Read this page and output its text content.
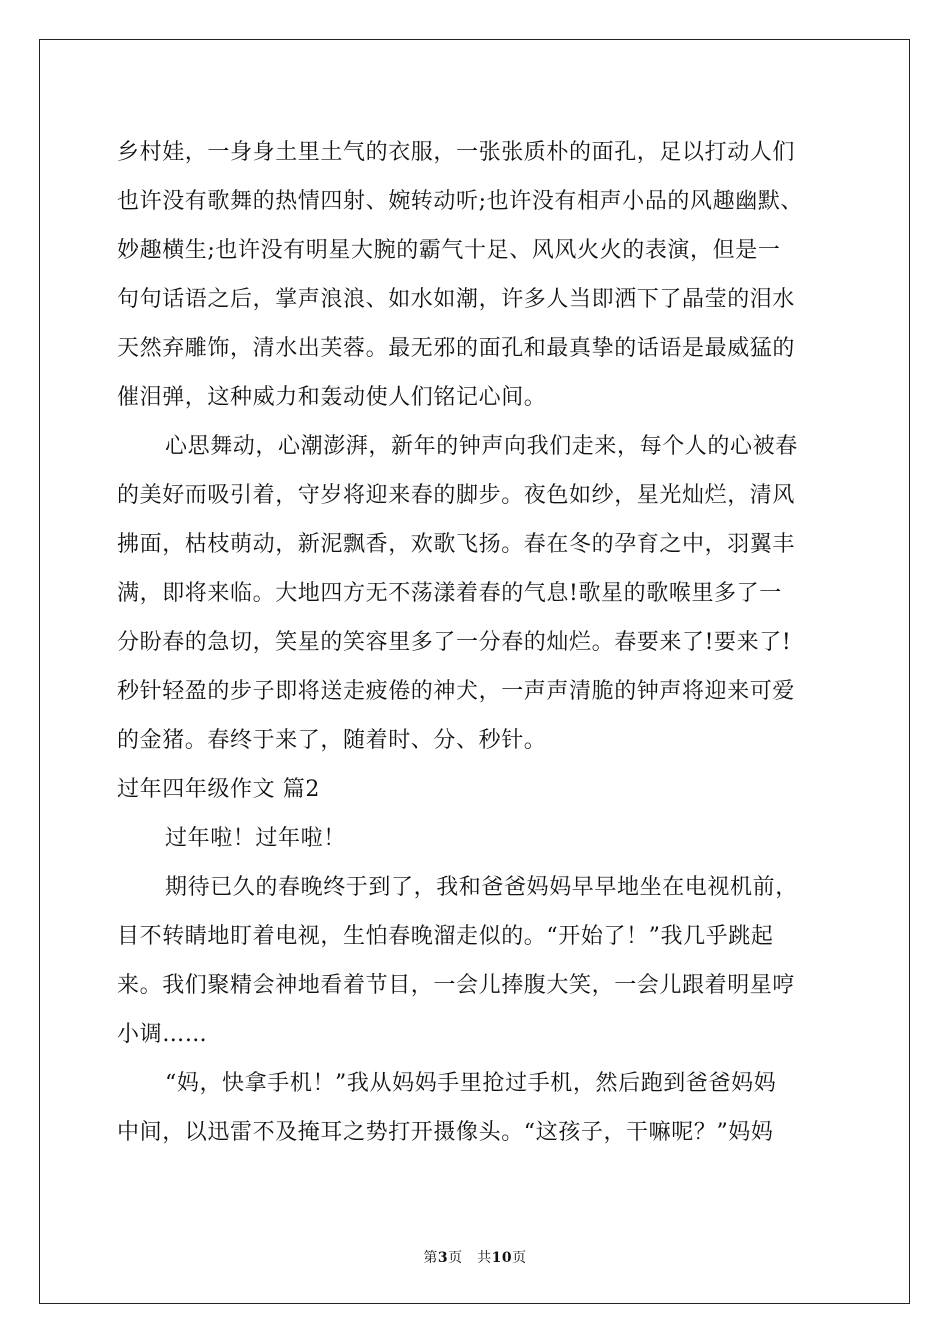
乡村娃，一身身土里土气的衣服，一张张质朴的面孔，足以打动人们
也许没有歌舞的热情四射、婉转动听;也许没有相声小品的风趣幽默、
妙趣横生;也许没有明星大腕的霸气十足、风风火火的表演，但是一
句句话语之后，掌声浪浪、如水如潮，许多人当即洒下了晶莹的泪水
天然弃雕饰，清水出芙蓉。最无邪的面孔和最真挚的话语是最威猛的
催泪弹，这种威力和轰动使人们铭记心间。
心思舞动，心潮澎湃，新年的钟声向我们走来，每个人的心被春
的美好而吸引着，守岁将迎来春的脚步。夜色如纱，星光灿烂，清风
拂面，枯枝萌动，新泥飘香，欢歌飞扬。春在冬的孕育之中，羽翼丰
满，即将来临。大地四方无不荡漾着春的气息!歌星的歌喉里多了一
分盼春的急切，笑星的笑容里多了一分春的灿烂。春要来了!要来了!
秒针轻盈的步子即将送走疲倦的神犬，一声声清脆的钟声将迎来可爱
的金猪。春终于来了，随着时、分、秒针。
过年四年级作文 篇2
过年啦！过年啦！
期待已久的春晚终于到了，我和爸爸妈妈早早地坐在电视机前，
目不转睛地盯着电视，生怕春晚溜走似的。“开始了！”我几乎跳起
来。我们聚精会神地看着节目，一会儿捧腹大笑，一会儿跟着明星哼
小调……
“妈，快拿手机！”我从妈妈手里抢过手机，然后跑到爸爸妈妈
中间，以迅雷不及掩耳之势打开摄像头。“这孩子，干嘛呢？”妈妈
第3页　共10页
